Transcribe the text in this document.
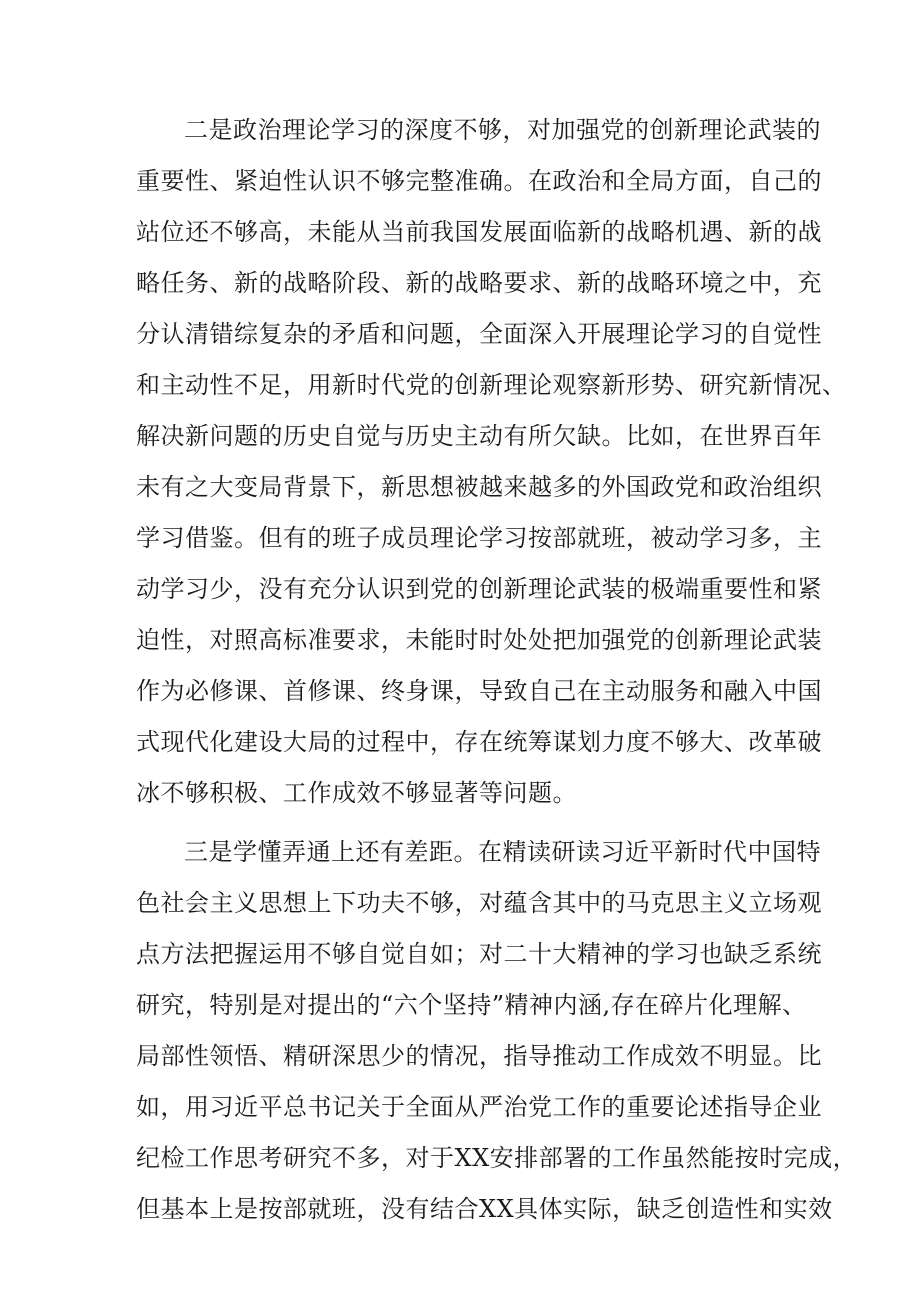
二是政治理论学习的深度不够，对加强党的创新理论武装的
重要性、紧迫性认识不够完整准确。在政治和全局方面，自己的
站位还不够高，未能从当前我国发展面临新的战略机遇、新的战
略任务、新的战略阶段、新的战略要求、新的战略环境之中，充
分认清错综复杂的矛盾和问题，全面深入开展理论学习的自觉性
和主动性不足，用新时代党的创新理论观察新形势、研究新情况、
解决新问题的历史自觉与历史主动有所欠缺。比如，在世界百年
未有之大变局背景下，新思想被越来越多的外国政党和政治组织
学习借鉴。但有的班子成员理论学习按部就班，被动学习多，主
动学习少，没有充分认识到党的创新理论武装的极端重要性和紧
迫性，对照高标准要求，未能时时处处把加强党的创新理论武装
作为必修课、首修课、终身课，导致自己在主动服务和融入中国
式现代化建设大局的过程中，存在统筹谋划力度不够大、改革破
冰不够积极、工作成效不够显著等问题。
三是学懂弄通上还有差距。在精读研读习近平新时代中国特
色社会主义思想上下功夫不够，对蕴含其中的马克思主义立场观
点方法把握运用不够自觉自如；对二十大精神的学习也缺乏系统
研究，特别是对提出的“六个坚持”精神内涵,存在碎片化理解、
局部性领悟、精研深思少的情况，指导推动工作成效不明显。比
如，用习近平总书记关于全面从严治党工作的重要论述指导企业
纪检工作思考研究不多，对于XX安排部署的工作虽然能按时完成，
但基本上是按部就班，没有结合XX具体实际，缺乏创造性和实效
